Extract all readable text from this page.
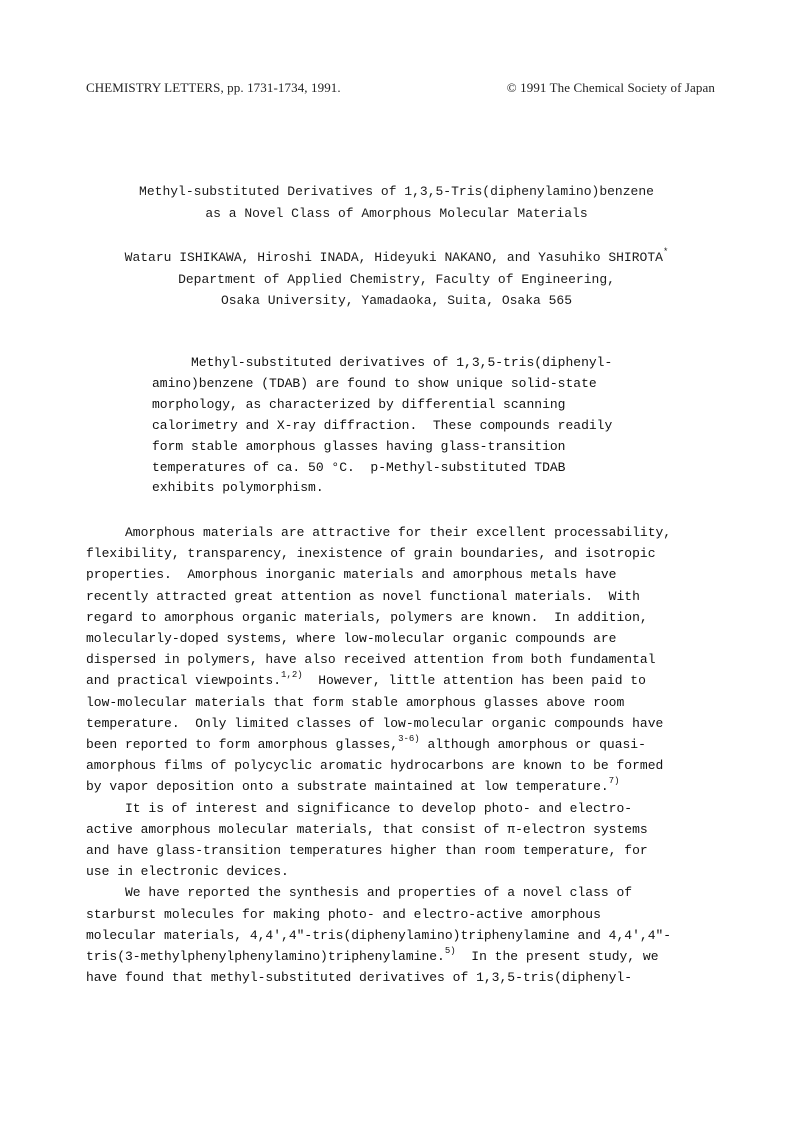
CHEMISTRY LETTERS, pp. 1731-1734, 1991.	© 1991 The Chemical Society of Japan
Methyl-substituted Derivatives of 1,3,5-Tris(diphenylamino)benzene
as a Novel Class of Amorphous Molecular Materials
Wataru ISHIKAWA, Hiroshi INADA, Hideyuki NAKANO, and Yasuhiko SHIROTA*
Department of Applied Chemistry, Faculty of Engineering,
Osaka University, Yamadaoka, Suita, Osaka 565
Methyl-substituted derivatives of 1,3,5-tris(diphenyl-
amino)benzene (TDAB) are found to show unique solid-state
morphology, as characterized by differential scanning
calorimetry and X-ray diffraction.  These compounds readily
form stable amorphous glasses having glass-transition
temperatures of ca. 50 °C.  p-Methyl-substituted TDAB
exhibits polymorphism.
Amorphous materials are attractive for their excellent processability,
flexibility, transparency, inexistence of grain boundaries, and isotropic
properties.  Amorphous inorganic materials and amorphous metals have
recently attracted great attention as novel functional materials.  With
regard to amorphous organic materials, polymers are known.  In addition,
molecularly-doped systems, where low-molecular organic compounds are
dispersed in polymers, have also received attention from both fundamental
and practical viewpoints.$^{1,2)}$  However, little attention has been paid to
low-molecular materials that form stable amorphous glasses above room
temperature.  Only limited classes of low-molecular organic compounds have
been reported to form amorphous glasses,$^{3-6)}$ although amorphous or quasi-
amorphous films of polycyclic aromatic hydrocarbons are known to be formed
by vapor deposition onto a substrate maintained at low temperature.$^{7)}$
It is of interest and significance to develop photo- and electro-
active amorphous molecular materials, that consist of π-electron systems
and have glass-transition temperatures higher than room temperature, for
use in electronic devices.
We have reported the synthesis and properties of a novel class of
starburst molecules for making photo- and electro-active amorphous
molecular materials, 4,4',4"-tris(diphenylamino)triphenylamine and 4,4',4"-
tris(3-methylphenylphenylamino)triphenylamine.$^{5)}$  In the present study, we
have found that methyl-substituted derivatives of 1,3,5-tris(diphenyl-
